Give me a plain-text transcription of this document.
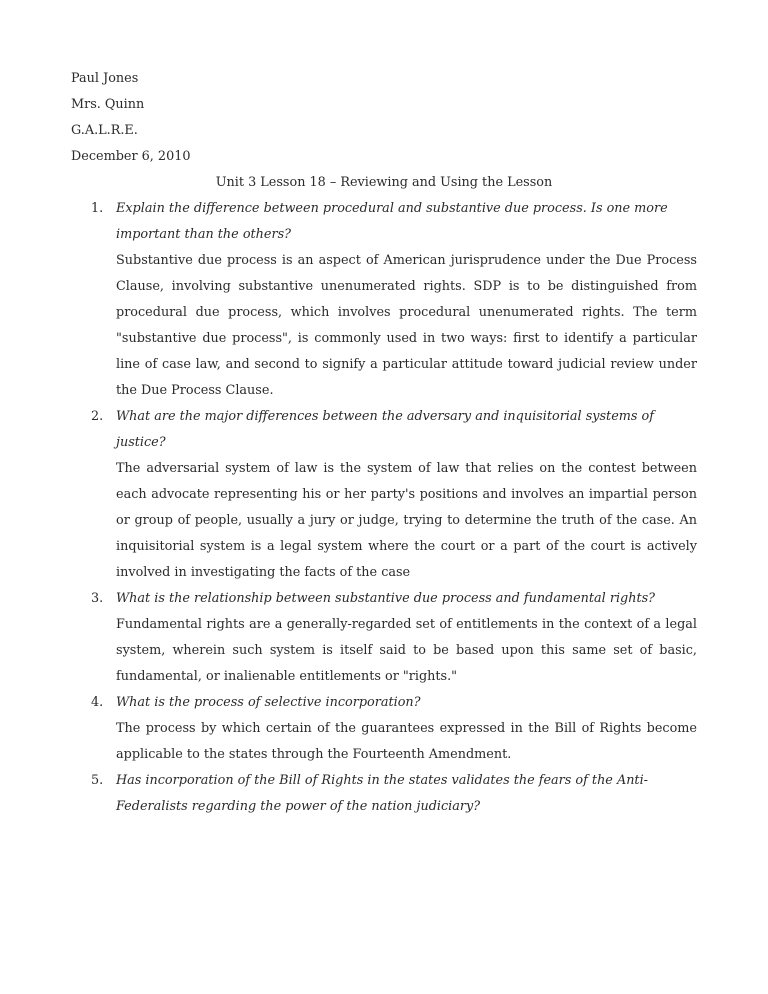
Paul Jones
Mrs. Quinn
G.A.L.R.E.
December 6, 2010
Unit 3 Lesson 18 – Reviewing and Using the Lesson
1. Explain the difference between procedural and substantive due process. Is one more important than the others?
Substantive due process is an aspect of American jurisprudence under the Due Process Clause, involving substantive unenumerated rights. SDP is to be distinguished from procedural due process, which involves procedural unenumerated rights. The term "substantive due process", is commonly used in two ways: first to identify a particular line of case law, and second to signify a particular attitude toward judicial review under the Due Process Clause.
2. What are the major differences between the adversary and inquisitorial systems of justice?
The adversarial system of law is the system of law that relies on the contest between each advocate representing his or her party's positions and involves an impartial person or group of people, usually a jury or judge, trying to determine the truth of the case. An inquisitorial system is a legal system where the court or a part of the court is actively involved in investigating the facts of the case
3. What is the relationship between substantive due process and fundamental rights?
Fundamental rights are a generally-regarded set of entitlements in the context of a legal system, wherein such system is itself said to be based upon this same set of basic, fundamental, or inalienable entitlements or "rights."
4. What is the process of selective incorporation?
The process by which certain of the guarantees expressed in the Bill of Rights become applicable to the states through the Fourteenth Amendment.
5. Has incorporation of the Bill of Rights in the states validates the fears of the Anti-Federalists regarding the power of the nation judiciary?
